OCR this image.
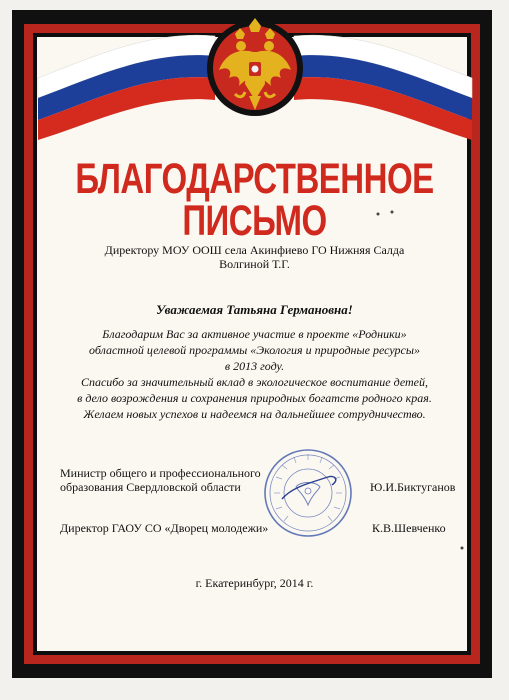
БЛАГОДАРСТВЕННОЕ
ПИСЬМО
Директору МОУ ООШ села Акинфиево ГО Нижняя Салда
Волгиной Т.Г.
Уважаемая Татьяна Германовна!
Благодарим Вас за активное участие в проекте «Родники»
областной целевой программы «Экология и природные ресурсы»
в 2013 году.
Спасибо за значительный вклад в экологическое воспитание детей,
в дело возрождения и сохранения природных богатств родного края.
Желаем новых успехов и надеемся на дальнейшее сотрудничество.
Министр общего и профессионального
образования Свердловской области	Ю.И.Биктуганов
Директор ГАОУ СО «Дворец молодежи»	К.В.Шевченко
г. Екатеринбург, 2014 г.
